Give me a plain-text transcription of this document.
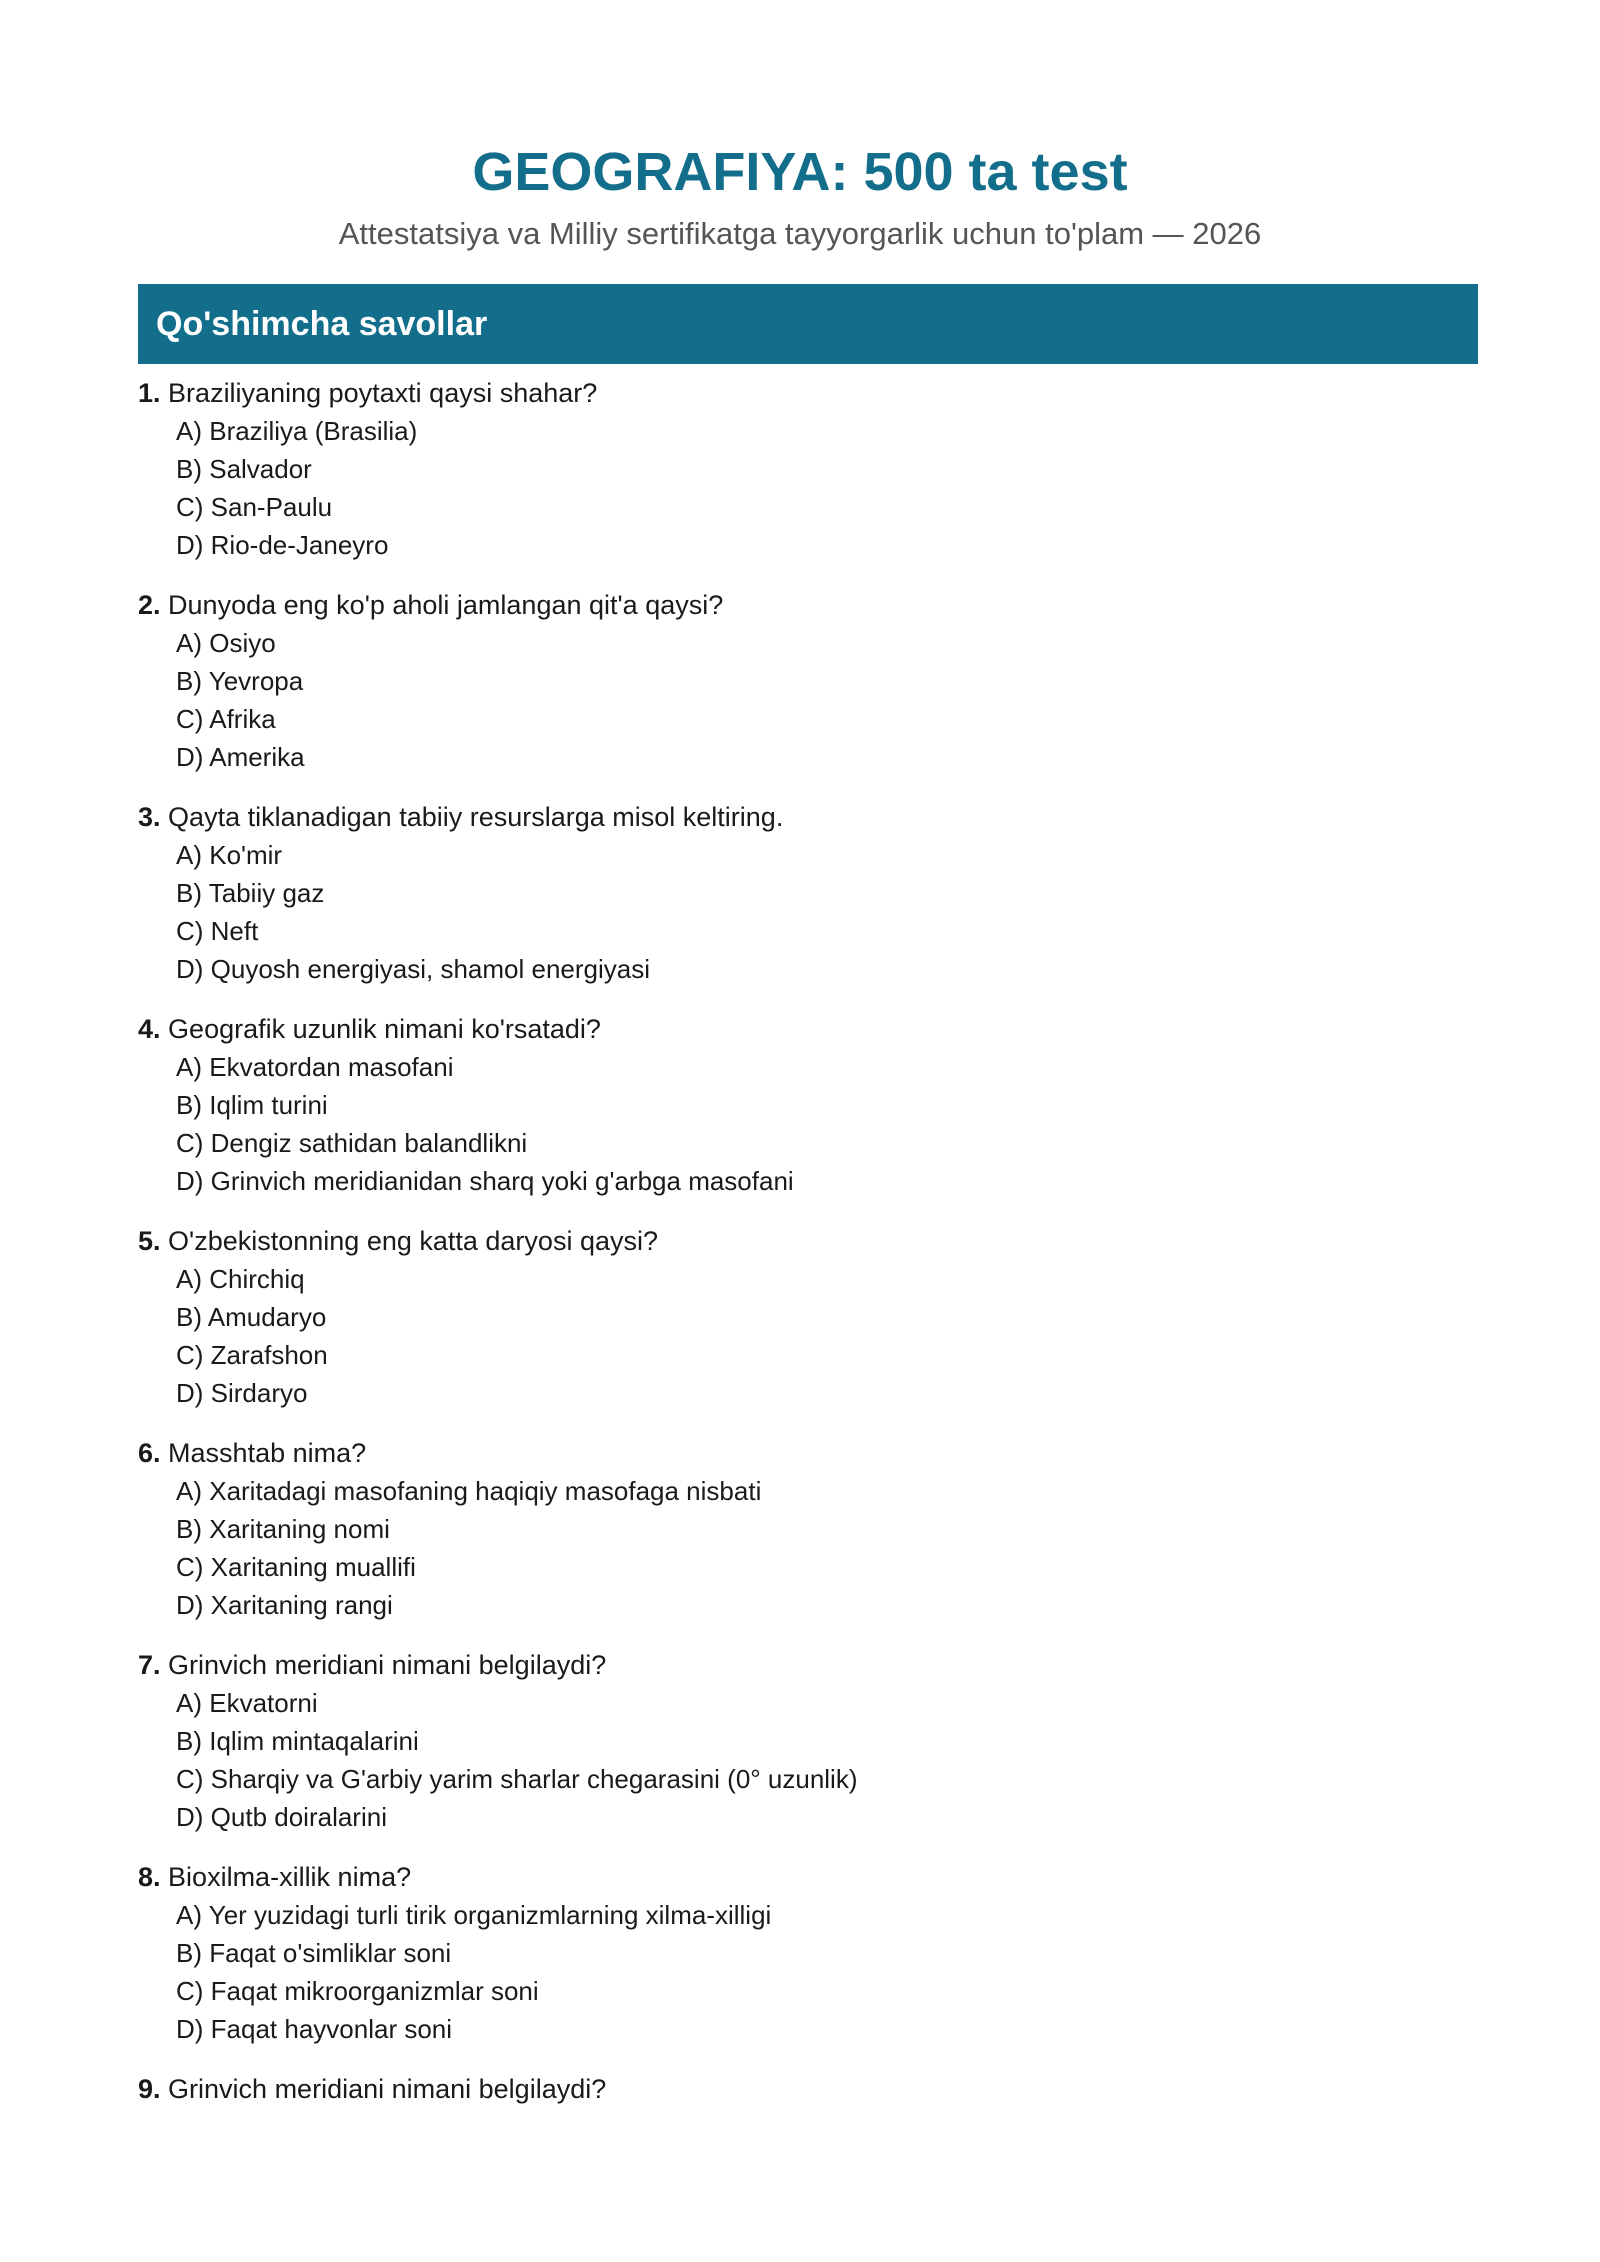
GEOGRAFIYA: 500 ta test

Attestatsiya va Milliy sertifikatga tayyorgarlik uchun to'plam — 2026

Qo'shimcha savollar
1. Braziliyaning poytaxti qaysi shahar?
A) Braziliya (Brasilia)
B) Salvador
C) San-Paulu
D) Rio-de-Janeyro
2. Dunyoda eng ko'p aholi jamlangan qit'a qaysi?
A) Osiyo
B) Yevropa
C) Afrika
D) Amerika
3. Qayta tiklanadigan tabiiy resurslarga misol keltiring.
A) Ko'mir
B) Tabiiy gaz
C) Neft
D) Quyosh energiyasi, shamol energiyasi
4. Geografik uzunlik nimani ko'rsatadi?
A) Ekvatordan masofani
B) Iqlim turini
C) Dengiz sathidan balandlikni
D) Grinvich meridianidan sharq yoki g'arbga masofani
5. O'zbekistonning eng katta daryosi qaysi?
A) Chirchiq
B) Amudaryo
C) Zarafshon
D) Sirdaryo
6. Masshtab nima?
A) Xaritadagi masofaning haqiqiy masofaga nisbati
B) Xaritaning nomi
C) Xaritaning muallifi
D) Xaritaning rangi
7. Grinvich meridiani nimani belgilaydi?
A) Ekvatorni
B) Iqlim mintaqalarini
C) Sharqiy va G'arbiy yarim sharlar chegarasini (0° uzunlik)
D) Qutb doiralarini
8. Bioxilma-xillik nima?
A) Yer yuzidagi turli tirik organizmlarning xilma-xilligi
B) Faqat o'simliklar soni
C) Faqat mikroorganizmlar soni
D) Faqat hayvonlar soni
9. Grinvich meridiani nimani belgilaydi?
